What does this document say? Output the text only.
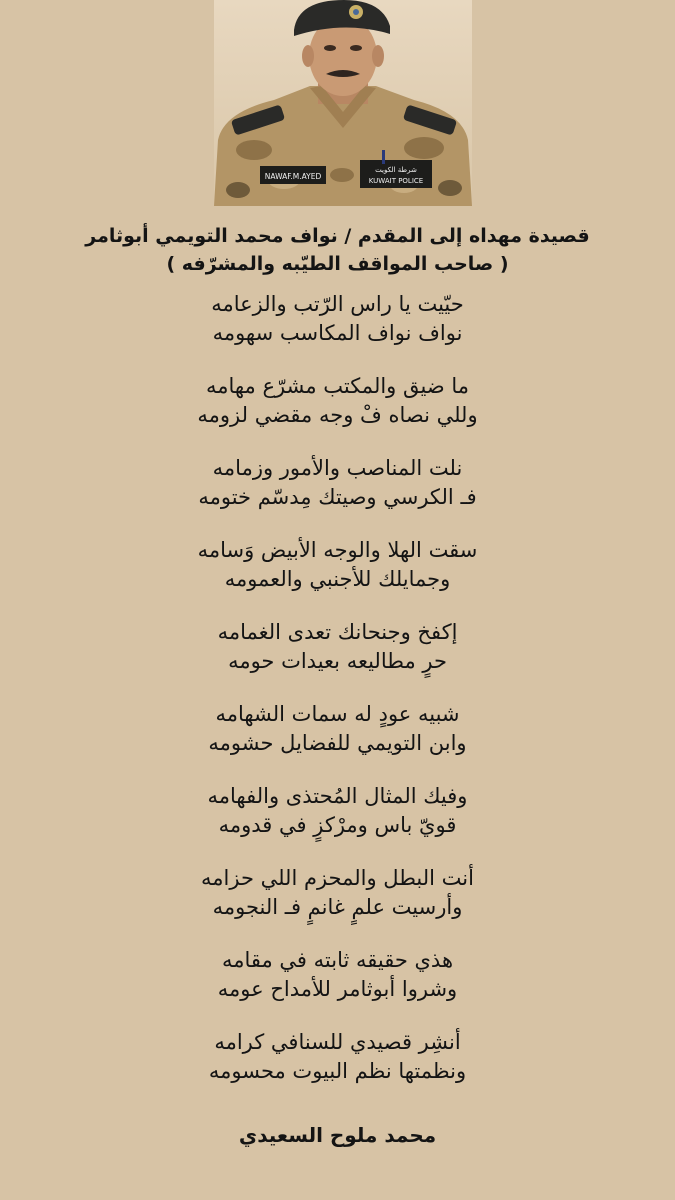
NAWAF.M.AYED
شرطة الكويت
KUWAIT POLICE
قصيدة مهداه إلى المقدم / نواف محمد التويمي أبوثامر
( صاحب المواقف الطيّبه والمشرّفه )
حيّيت يا راس الرّتب والزعامه
نواف نواف المكاسب سهومه
ما ضيق والمكتب مشرّع مهامه
وللي نصاه فْ وجه مقضي لزومه
نلت المناصب والأمور وزمامه
فـ الكرسي وصيتك مِدسّم ختومه
سقت الهلا والوجه الأبيض وَسامه
وجمايلك للأجنبي والعمومه
إكفخ وجنحانك تعدى الغمامه
حرٍ مطاليعه بعيدات حومه
شبيه عودٍ له سمات الشهامه
وابن التويمي للفضايل حشومه
وفيك المثال المُحتذى والفهامه
قويّ باس ومرْكزٍ في قدومه
أنت البطل والمحزم اللي حزامه
وأرسيت علمٍ غانمٍ فـ النجومه
هذي حقيقه ثابته في مقامه
وشروا أبوثامر للأمداح عومه
أنشِر قصيدي للسنافي كرامه
ونظمتها نظم البيوت محسومه
محمد ملوح السعيدي
